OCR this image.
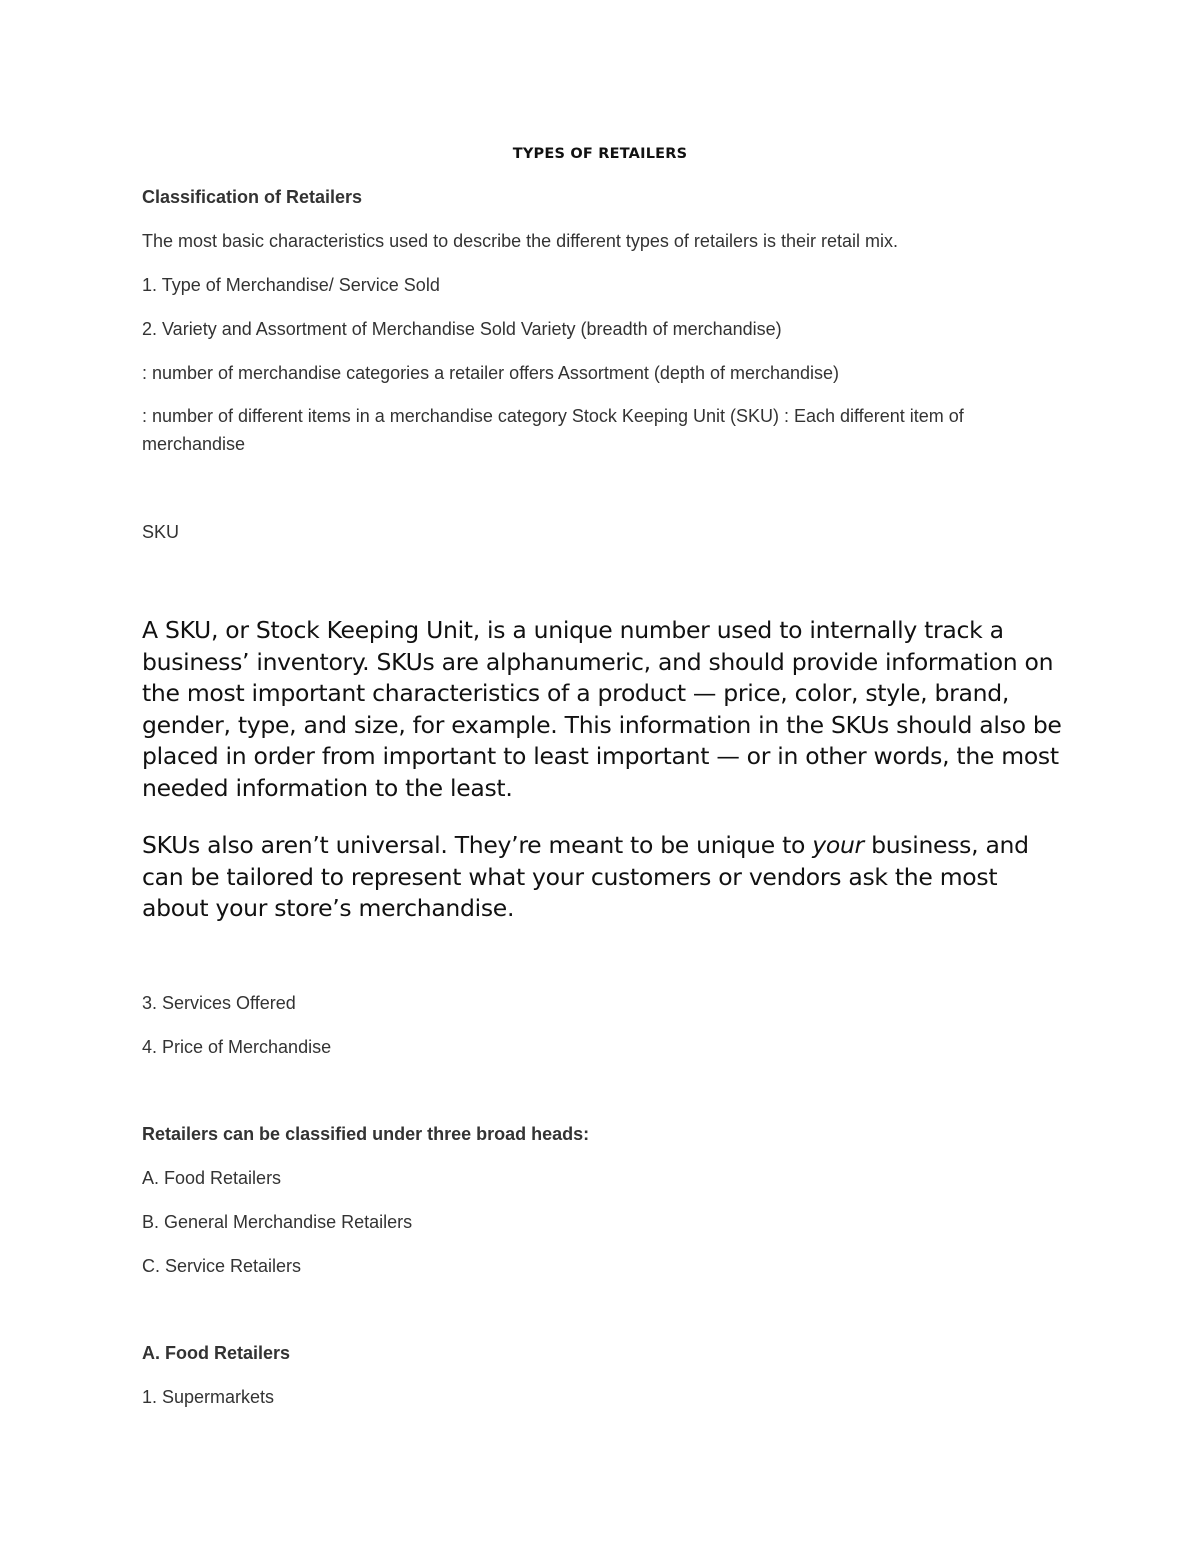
TYPES OF RETAILERS

Classification of Retailers

The most basic characteristics used to describe the different types of retailers is their retail mix.

1. Type of Merchandise/ Service Sold

2. Variety and Assortment of Merchandise Sold Variety (breadth of merchandise)

: number of merchandise categories a retailer offers Assortment (depth of merchandise)

: number of different items in a merchandise category Stock Keeping Unit (SKU) : Each different item of merchandise

SKU

A SKU, or Stock Keeping Unit, is a unique number used to internally track a business’ inventory. SKUs are alphanumeric, and should provide information on the most important characteristics of a product — price, color, style, brand, gender, type, and size, for example. This information in the SKUs should also be placed in order from important to least important — or in other words, the most needed information to the least.

SKUs also aren’t universal. They’re meant to be unique to your business, and can be tailored to represent what your customers or vendors ask the most about your store’s merchandise.

3. Services Offered

4. Price of Merchandise

Retailers can be classified under three broad heads:

A. Food Retailers

B. General Merchandise Retailers

C. Service Retailers

A. Food Retailers

1. Supermarkets
